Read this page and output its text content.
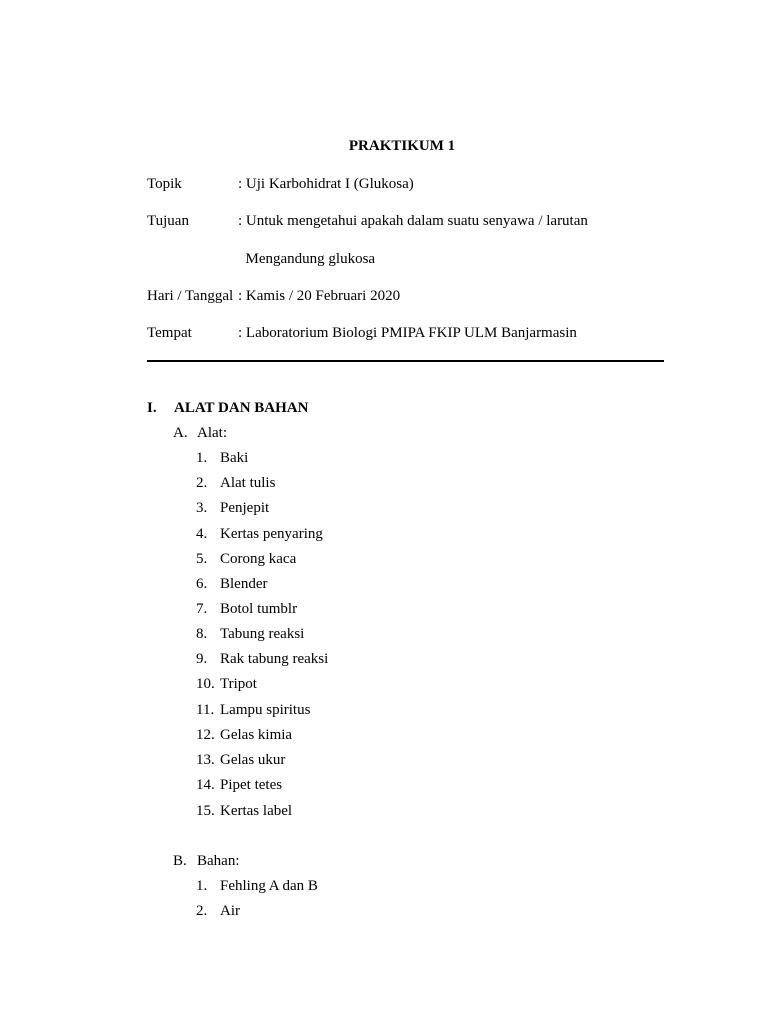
PRAKTIKUM 1
Topik	: Uji Karbohidrat I (Glukosa)
Tujuan	: Untuk mengetahui apakah dalam suatu senyawa / larutan
Mengandung glukosa
Hari / Tanggal : Kamis / 20 Februari 2020
Tempat	: Laboratorium Biologi PMIPA FKIP ULM Banjarmasin
I. ALAT DAN BAHAN
A. Alat:
1. Baki
2. Alat tulis
3. Penjepit
4. Kertas penyaring
5. Corong kaca
6. Blender
7. Botol tumblr
8. Tabung reaksi
9. Rak tabung reaksi
10. Tripot
11. Lampu spiritus
12. Gelas kimia
13. Gelas ukur
14. Pipet tetes
15. Kertas label
B. Bahan:
1. Fehling A dan B
2. Air
